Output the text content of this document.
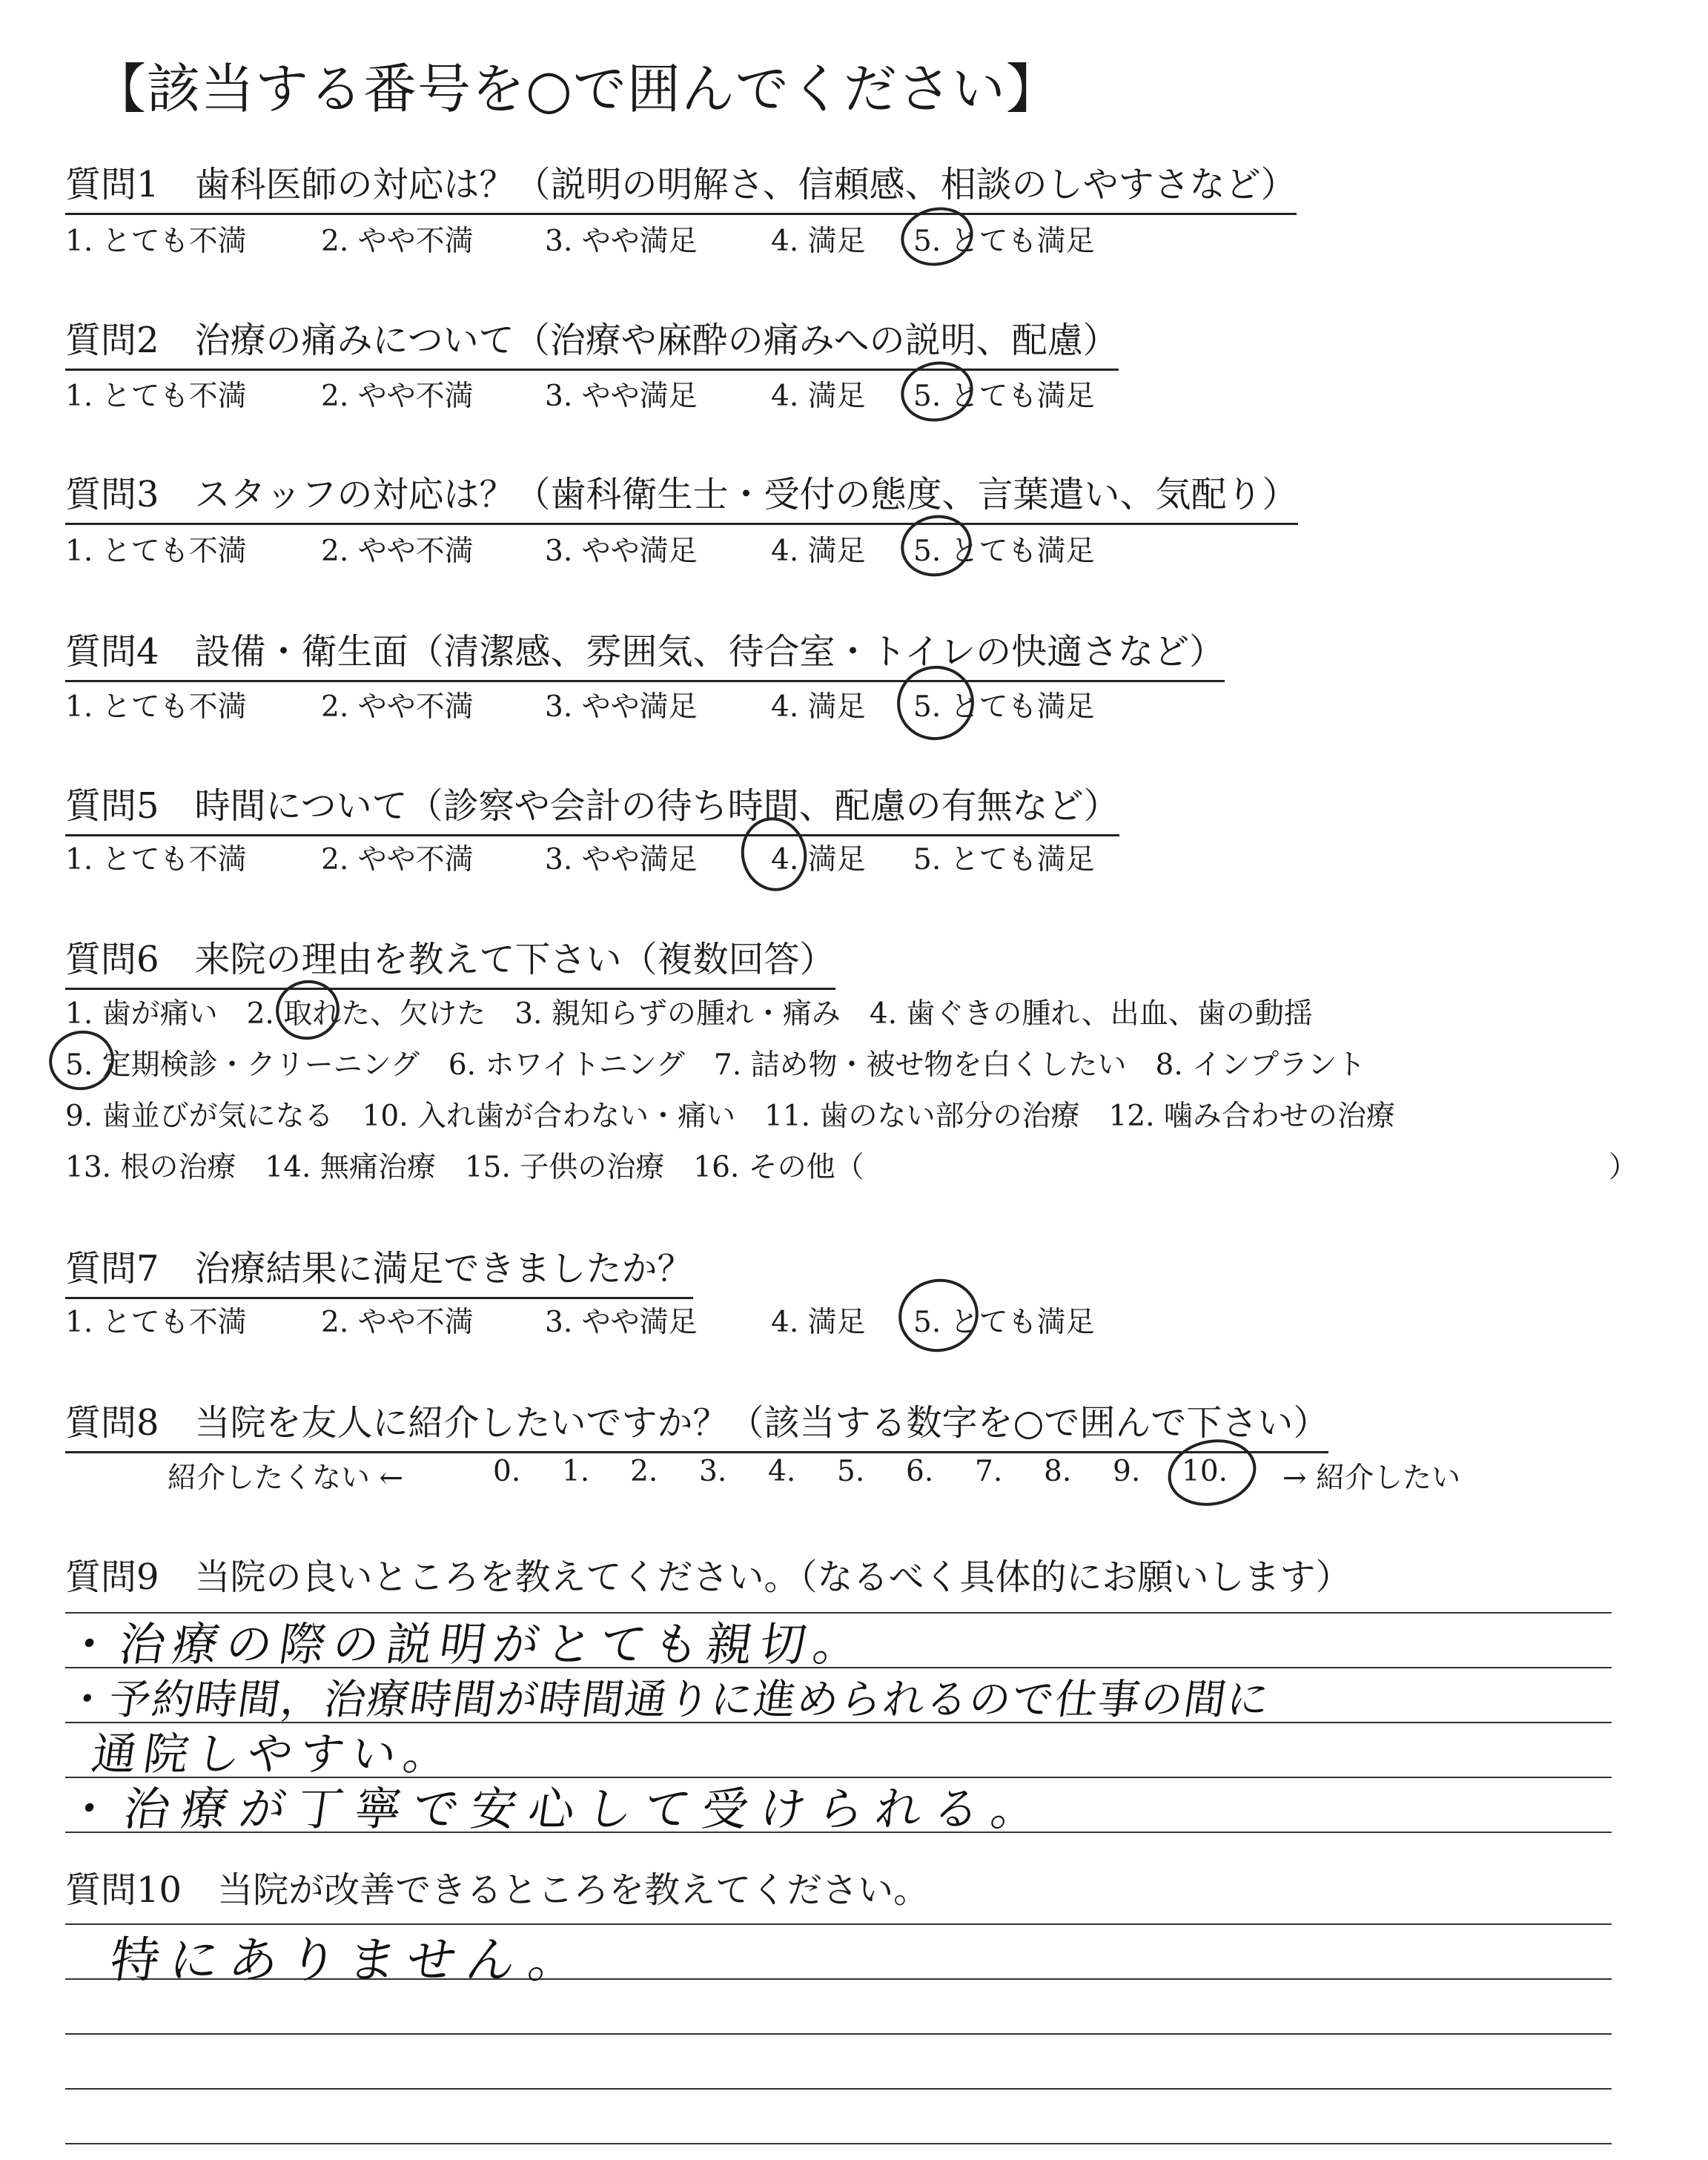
【該当する番号を○で囲んでください】
質問1　歯科医師の対応は？（説明の明解さ、信頼感、相談のしやすさなど）
1. とても不満	2. やや不満 3. やや満足	4. 満足 5. とても満足
質問2　治療の痛みについて（治療や麻酔の痛みへの説明、配慮）
1. とても不満	2. やや不満 3. やや満足	4. 満足 5. とても満足
質問3　スタッフの対応は？（歯科衛生士・受付の態度、言葉遣い、気配り）
1. とても不満	2. やや不満 3. やや満足	4. 満足 5. とても満足
質問4　設備・衛生面（清潔感、雰囲気、待合室・トイレの快適さなど）
1. とても不満	2. やや不満 3. やや満足	4. 満足 5. とても満足
質問5　時間について（診察や会計の待ち時間、配慮の有無など）
1. とても不満	2. やや不満 3. やや満足	4. 満足 5. とても満足
質問6　来院の理由を教えて下さい（複数回答）
1. 歯が痛い　2. 取れた、欠けた　3. 親知らずの腫れ・痛み　4. 歯ぐきの腫れ、出血、歯の動揺
5. 定期検診・クリーニング　6. ホワイトニング　7. 詰め物・被せ物を白くしたい　8. インプラント
9. 歯並びが気になる　10. 入れ歯が合わない・痛い　11. 歯のない部分の治療　12. 噛み合わせの治療
13. 根の治療　14. 無痛治療　15. 子供の治療　16. その他（	）
質問7　治療結果に満足できましたか？
1. とても不満	2. やや不満 3. やや満足	4. 満足 5. とても満足
質問8　当院を友人に紹介したいですか？（該当する数字を○で囲んで下さい）
紹介したくない ←	0. 1. 2. 3. 4. 5. 6. 7. 8. 9. 10. → 紹介したい
質問9　当院の良いところを教えてください。（なるべく具体的にお願いします）
・治療の際の説明がとても親切。
・予約時間，治療時間が時間通りに進められるので仕事の間に
通院しやすい。
・治療が丁寧で安心して受けられる。
質問10　当院が改善できるところを教えてください。
特にありません。
